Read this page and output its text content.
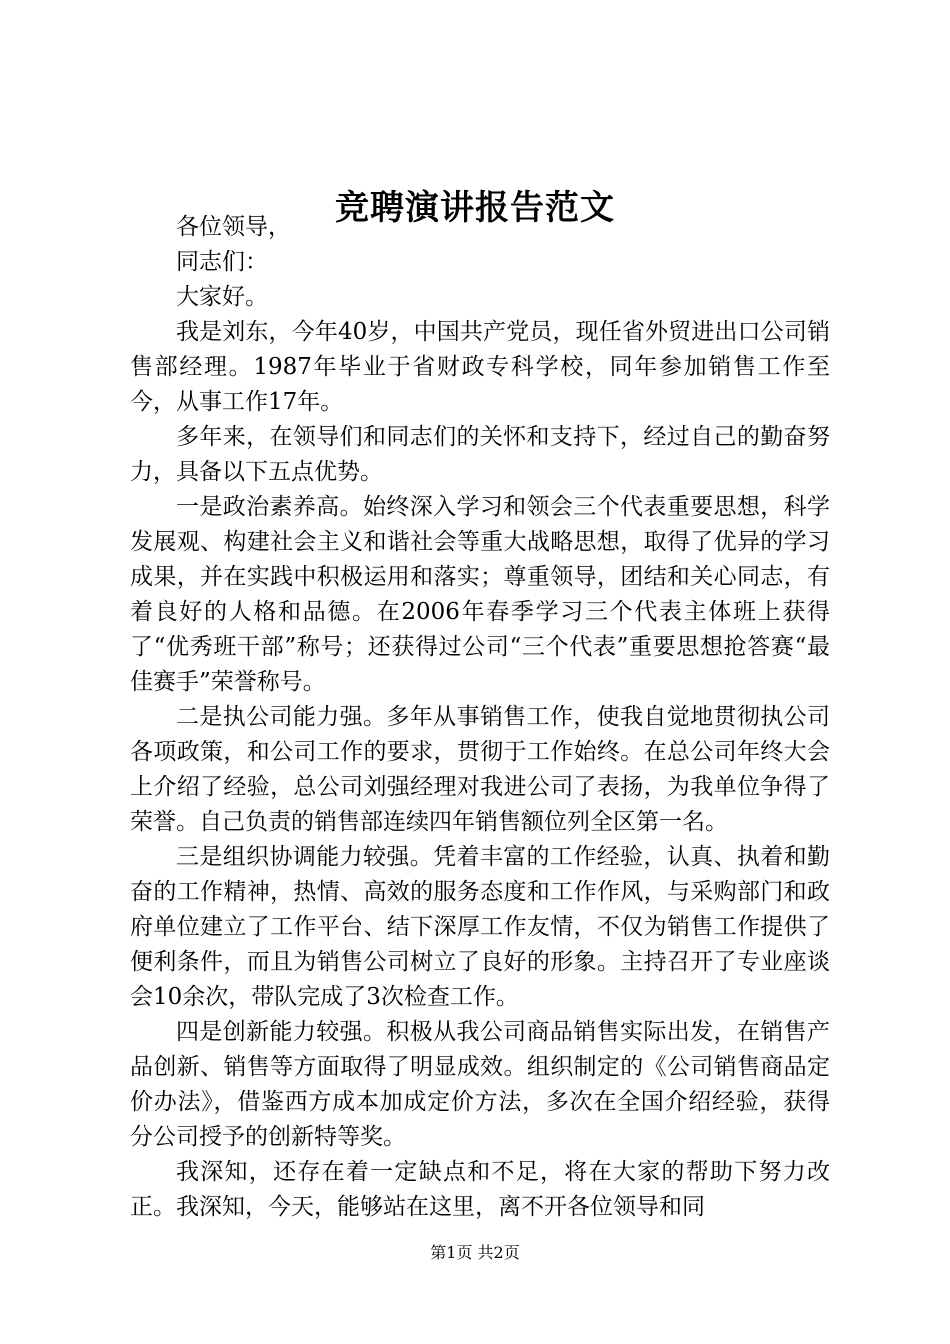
竞聘演讲报告范文

各位领导，

同志们：

大家好。

我是刘东，今年40岁，中国共产党员，现任省外贸进出口公司销售部经理。1987年毕业于省财政专科学校，同年参加销售工作至今，从事工作17年。

多年来，在领导们和同志们的关怀和支持下，经过自己的勤奋努力，具备以下五点优势。

一是政治素养高。始终深入学习和领会三个代表重要思想，科学发展观、构建社会主义和谐社会等重大战略思想，取得了优异的学习成果，并在实践中积极运用和落实；尊重领导，团结和关心同志，有着良好的人格和品德。在2006年春季学习三个代表主体班上获得了“优秀班干部”称号；还获得过公司“三个代表”重要思想抢答赛“最佳赛手”荣誉称号。

二是执公司能力强。多年从事销售工作，使我自觉地贯彻执公司各项政策，和公司工作的要求，贯彻于工作始终。在总公司年终大会上介绍了经验，总公司刘强经理对我进公司了表扬，为我单位争得了荣誉。自己负责的销售部连续四年销售额位列全区第一名。

三是组织协调能力较强。凭着丰富的工作经验，认真、执着和勤奋的工作精神，热情、高效的服务态度和工作作风，与采购部门和政府单位建立了工作平台、结下深厚工作友情，不仅为销售工作提供了便利条件，而且为销售公司树立了良好的形象。主持召开了专业座谈会10余次，带队完成了3次检查工作。

四是创新能力较强。积极从我公司商品销售实际出发，在销售产品创新、销售等方面取得了明显成效。组织制定的《公司销售商品定价办法》，借鉴西方成本加成定价方法，多次在全国介绍经验，获得分公司授予的创新特等奖。

我深知，还存在着一定缺点和不足，将在大家的帮助下努力改正。我深知，今天，能够站在这里，离不开各位领导和同

第1页 共2页
